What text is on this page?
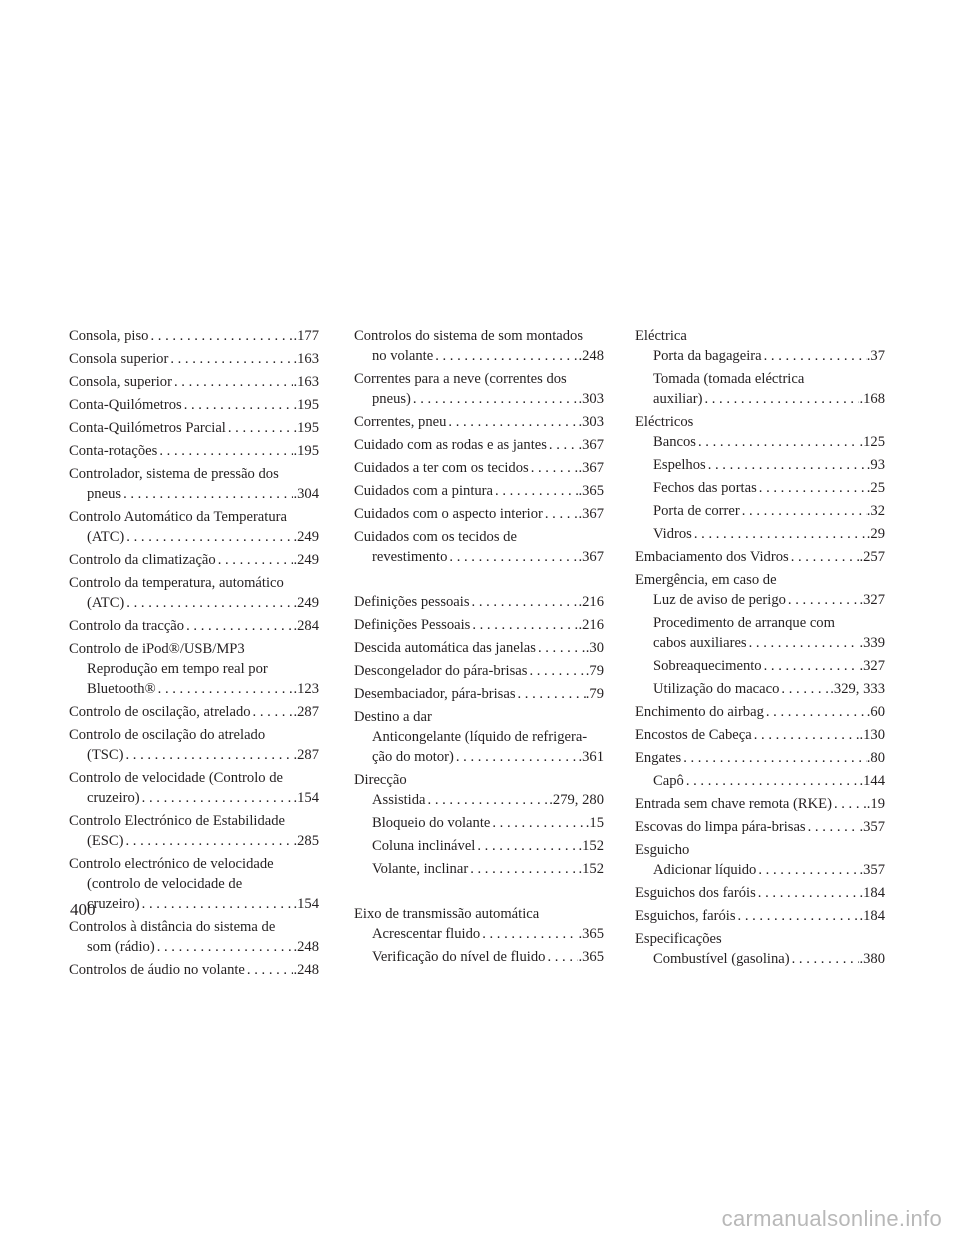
Consola, piso . . .	.177
Consola superior . . .	.163
Consola, superior . . .	.163
Conta-Quilómetros . . .	.195
Conta-Quilómetros Parcial . . .	.195
Conta-rotações . . .	.195
Controlador, sistema de pressão dos
pneus . . .	.304
Controlo Automático da Temperatura
(ATC) . . .	.249
Controlo da climatização . . .	.249
Controlo da temperatura, automático
(ATC) . . .	.249
Controlo da tracção . . .	.284
Controlo de iPod®/USB/MP3
Reprodução em tempo real por
Bluetooth® . . .	.123
Controlo de oscilação, atrelado . . .	.287
Controlo de oscilação do atrelado
(TSC) . . .	.287
Controlo de velocidade (Controlo de
cruzeiro) . . .	.154
Controlo Electrónico de Estabilidade
(ESC) . . .	.285
Controlo electrónico de velocidade
(controlo de velocidade de
cruzeiro) . . .	.154
Controlos à distância do sistema de
som (rádio) . . .	.248
Controlos de áudio no volante . . .	.248
Controlos do sistema de som montados
no volante . . .	.248
Correntes para a neve (correntes dos
pneus) . . .	.303
Correntes, pneu . . .	.303
Cuidado com as rodas e as jantes . . . .367
Cuidados a ter com os tecidos . . .	.367
Cuidados com a pintura . . .	.365
Cuidados com o aspecto interior . . . .367
Cuidados com os tecidos de
revestimento . . .	.367
Definições pessoais . . .	.216
Definições Pessoais . . .	.216
Descida automática das janelas . . .	.30
Descongelador do pára-brisas . . .	.79
Desembaciador, pára-brisas . . .	.79
Destino a dar
Anticongelante (líquido de refrigera-
ção do motor) . . .	.361
Direcção
Assistida . . .	.279, 280
Bloqueio do volante . . .	.15
Coluna inclinável . . .	.152
Volante, inclinar . . .	.152
Eixo de transmissão automática
Acrescentar fluido . . .	.365
Verificação do nível de fluido . . . .365
Eléctrica
Porta da bagageira . . .	.37
Tomada (tomada eléctrica
auxiliar) . . .	.168
Eléctricos
Bancos . . .	.125
Espelhos . . .	.93
Fechos das portas . . .	.25
Porta de correr . . .	.32
Vidros . . .	.29
Embaciamento dos Vidros . . .	.257
Emergência, em caso de
Luz de aviso de perigo . . .	.327
Procedimento de arranque com
cabos auxiliares . . .	.339
Sobreaquecimento . . .	.327
Utilização do macaco . . .	.329, 333
Enchimento do airbag . . .	.60
Encostos de Cabeça . . .	.130
Engates . . .	.80
Capô . . .	.144
Entrada sem chave remota (RKE) . . . .19
Escovas do limpa pára-brisas . . .	.357
Esguicho
Adicionar líquido . . .	.357
Esguichos dos faróis . . .	.184
Esguichos, faróis . . .	.184
Especificações
Combustível (gasolina) . . .	.380
400
carmanualsonline.info
